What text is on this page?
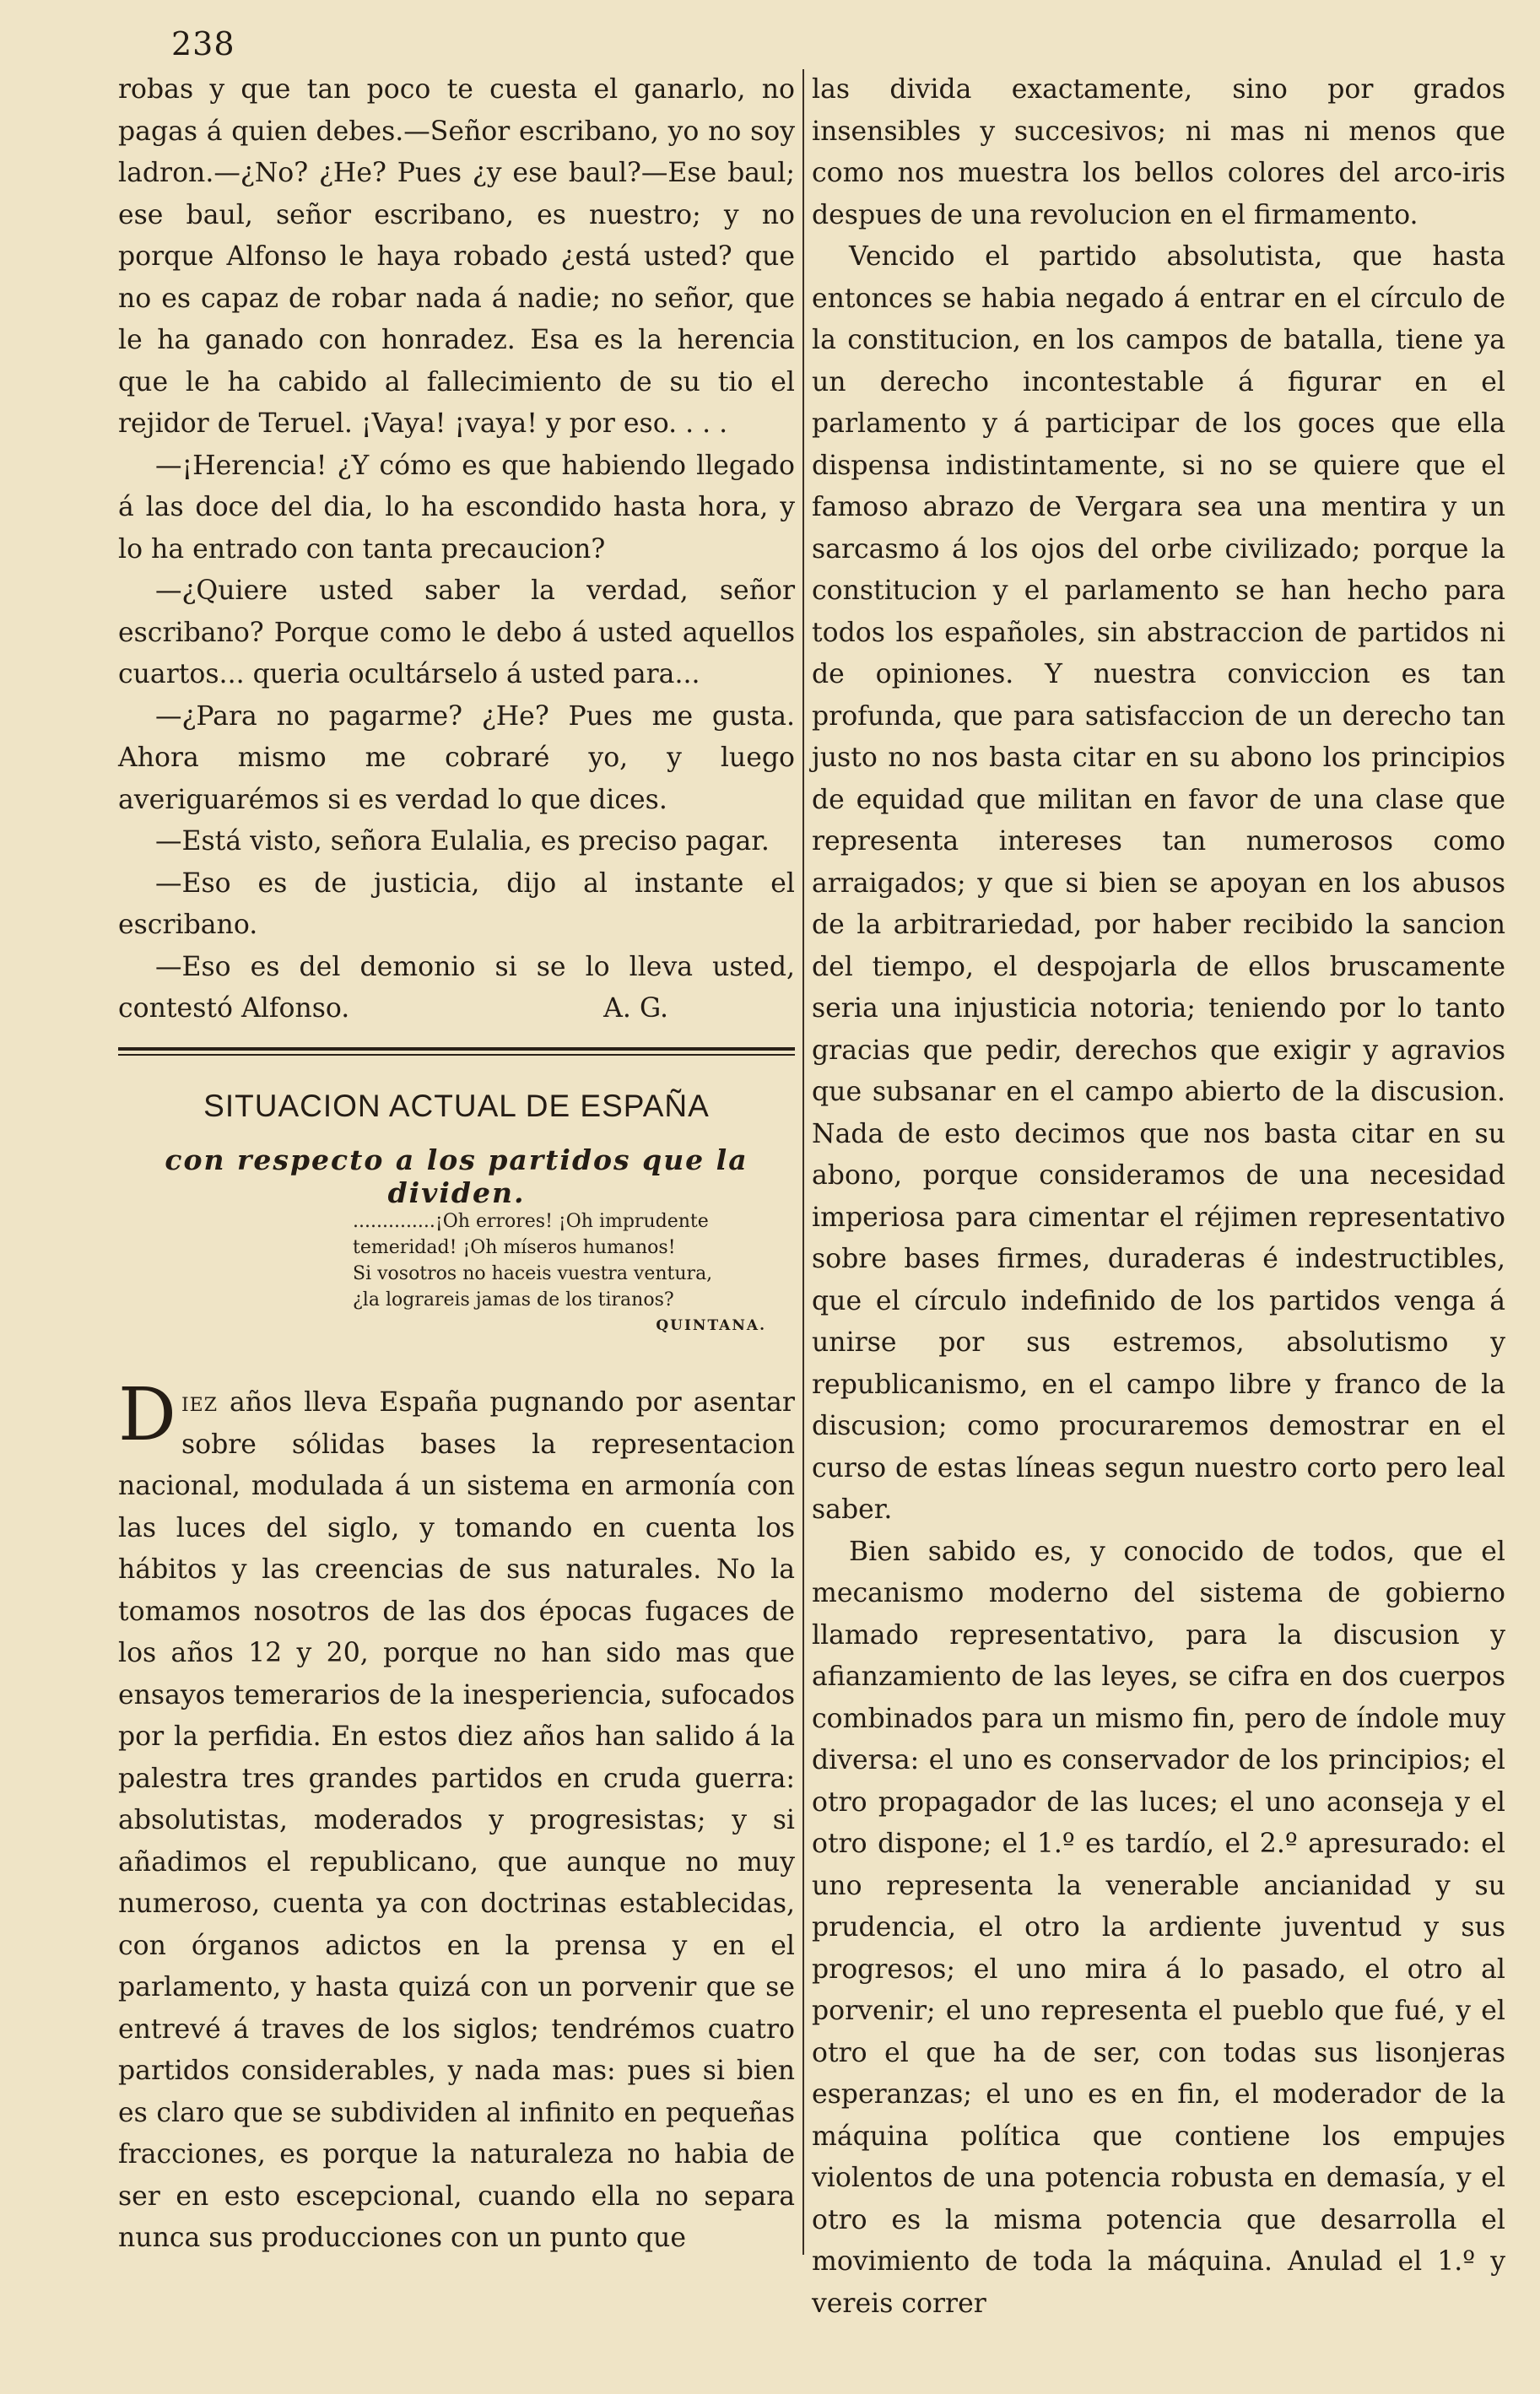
238

robas y que tan poco te cuesta el ganarlo, no pagas á quien debes.—Señor escribano, yo no soy ladron.—¿No? ¿He? Pues ¿y ese baul?—Ese baul; ese baul, señor escribano, es nuestro; y no porque Alfonso le haya robado ¿está usted? que no es capaz de robar nada á nadie; no señor, que le ha ganado con honradez. Esa es la herencia que le ha cabido al fallecimiento de su tio el rejidor de Teruel. ¡Vaya! ¡vaya! y por eso. . . .

—¡Herencia! ¿Y cómo es que habiendo llegado á las doce del dia, lo ha escondido hasta hora, y lo ha entrado con tanta precaucion?

—¿Quiere usted saber la verdad, señor escribano? Porque como le debo á usted aquellos cuartos... queria ocultárselo á usted para...

—¿Para no pagarme? ¿He? Pues me gusta. Ahora mismo me cobraré yo, y luego averiguarémos si es verdad lo que dices.

—Está visto, señora Eulalia, es preciso pagar.

—Eso es de justicia, dijo al instante el escribano.

—Eso es del demonio si se lo lleva usted, contestó Alfonso.	A. G.

SITUACION ACTUAL DE ESPAÑA
con respecto a los partidos que la dividen.
..............¡Oh errores! ¡Oh imprudente
temeridad! ¡Oh míseros humanos!
Si vosotros no haceis vuestra ventura,
¿la lograreis jamas de los tiranos?
QUINTANA.
D iez años lleva España pugnando por asentar sobre sólidas bases la representacion nacional, modulada á un sistema en armonía con las luces del siglo, y tomando en cuenta los hábitos y las creencias de sus naturales. No la tomamos nosotros de las dos épocas fugaces de los años 12 y 20, porque no han sido mas que ensayos temerarios de la inesperiencia, sufocados por la perfidia. En estos diez años han salido á la palestra tres grandes partidos en cruda guerra: absolutistas, moderados y progresistas; y si añadimos el republicano, que aunque no muy numeroso, cuenta ya con doctrinas establecidas, con órganos adictos en la prensa y en el parlamento, y hasta quizá con un porvenir que se entrevé á traves de los siglos; tendrémos cuatro partidos considerables, y nada mas: pues si bien es claro que se subdividen al infinito en pequeñas fracciones, es porque la naturaleza no habia de ser en esto escepcional, cuando ella no separa nunca sus producciones con un punto que

las divida exactamente, sino por grados insensibles y succesivos; ni mas ni menos que como nos muestra los bellos colores del arco-iris despues de una revolucion en el firmamento.

Vencido el partido absolutista, que hasta entonces se habia negado á entrar en el círculo de la constitucion, en los campos de batalla, tiene ya un derecho incontestable á figurar en el parlamento y á participar de los goces que ella dispensa indistintamente, si no se quiere que el famoso abrazo de Vergara sea una mentira y un sarcasmo á los ojos del orbe civilizado; porque la constitucion y el parlamento se han hecho para todos los españoles, sin abstraccion de partidos ni de opiniones. Y nuestra conviccion es tan profunda, que para satisfaccion de un derecho tan justo no nos basta citar en su abono los principios de equidad que militan en favor de una clase que representa intereses tan numerosos como arraigados; y que si bien se apoyan en los abusos de la arbitrariedad, por haber recibido la sancion del tiempo, el despojarla de ellos bruscamente seria una injusticia notoria; teniendo por lo tanto gracias que pedir, derechos que exigir y agravios que subsanar en el campo abierto de la discusion. Nada de esto decimos que nos basta citar en su abono, porque consideramos de una necesidad imperiosa para cimentar el réjimen representativo sobre bases firmes, duraderas é indestructibles, que el círculo indefinido de los partidos venga á unirse por sus estremos, absolutismo y republicanismo, en el campo libre y franco de la discusion; como procuraremos demostrar en el curso de estas líneas segun nuestro corto pero leal saber.

Bien sabido es, y conocido de todos, que el mecanismo moderno del sistema de gobierno llamado representativo, para la discusion y afianzamiento de las leyes, se cifra en dos cuerpos combinados para un mismo fin, pero de índole muy diversa: el uno es conservador de los principios; el otro propagador de las luces; el uno aconseja y el otro dispone; el 1.º es tardío, el 2.º apresurado: el uno representa la venerable ancianidad y su prudencia, el otro la ardiente juventud y sus progresos; el uno mira á lo pasado, el otro al porvenir; el uno representa el pueblo que fué, y el otro el que ha de ser, con todas sus lisonjeras esperanzas; el uno es en fin, el moderador de la máquina política que contiene los empujes violentos de una potencia robusta en demasía, y el otro es la misma potencia que desarrolla el movimiento de toda la máquina. Anulad el 1.º y vereis correr
